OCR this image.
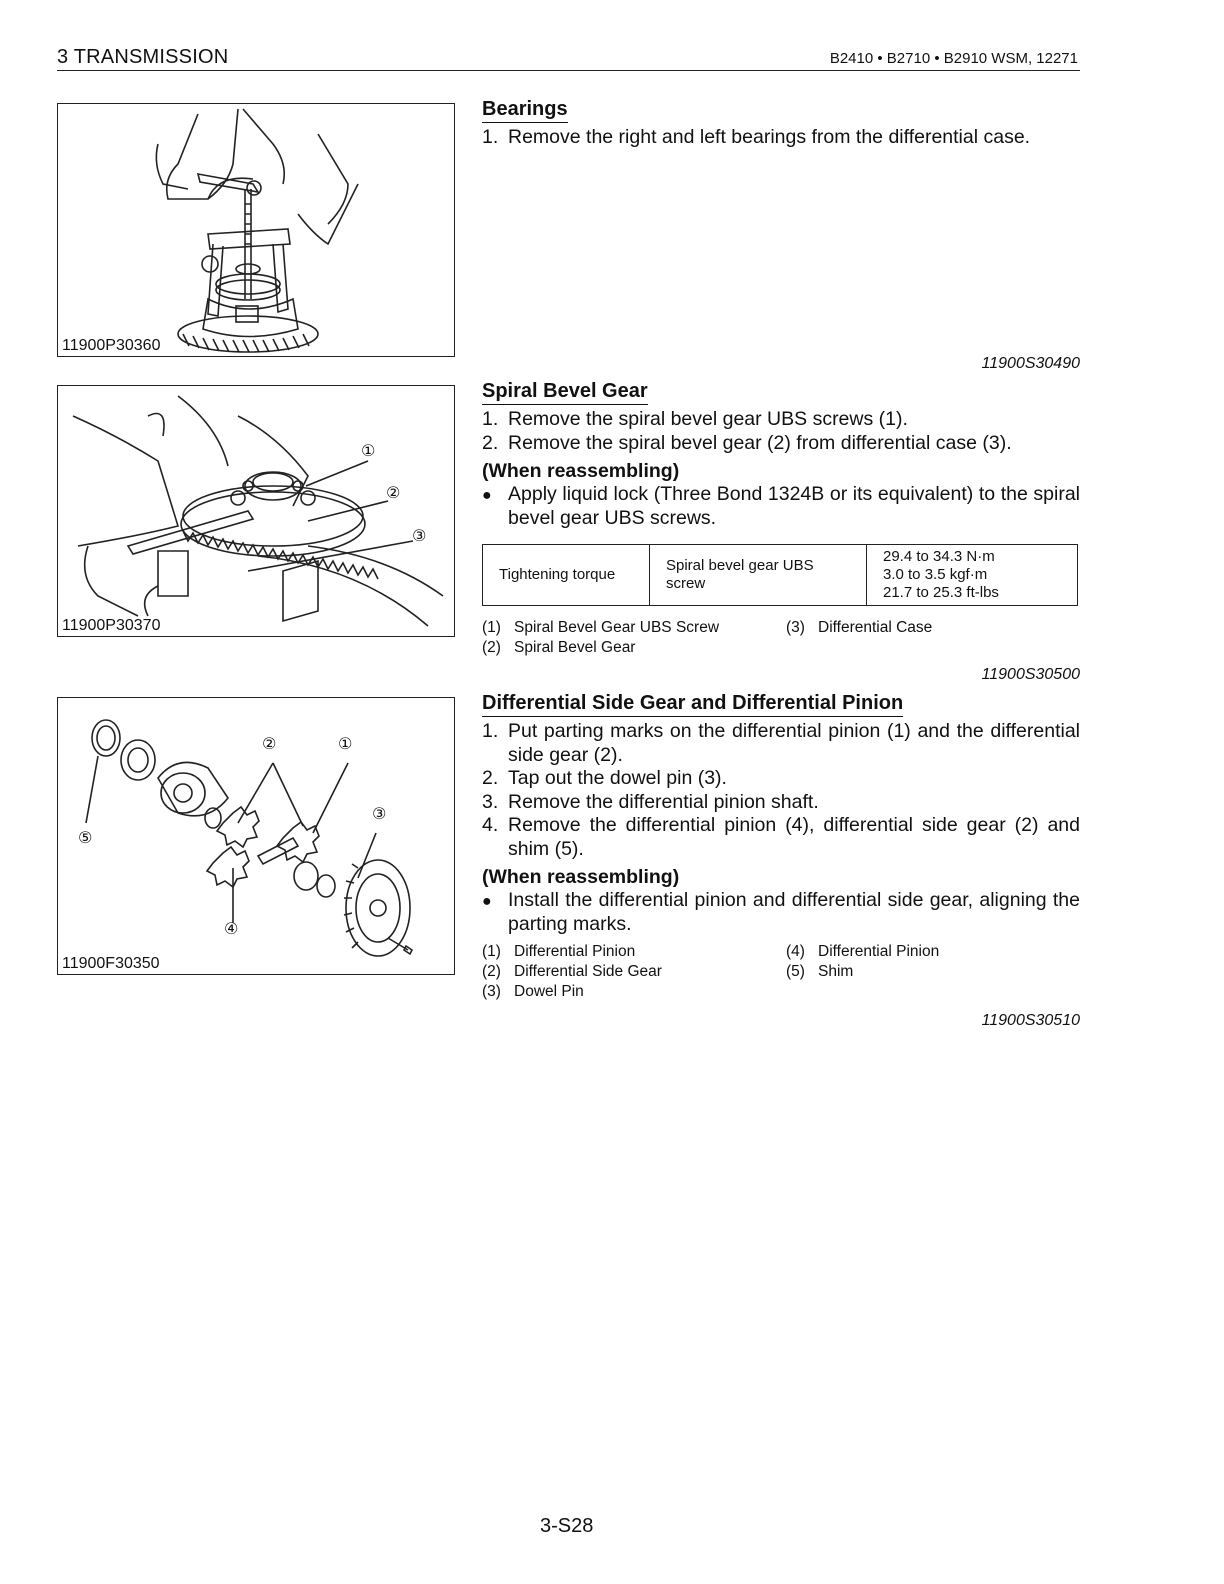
3 TRANSMISSION	B2410 • B2710 • B2910 WSM, 12271
11900P30360
①
②
③
11900P30370
②	①
③
④
⑤
11900F30350
Bearings
1. Remove the right and left bearings from the differential case.
11900S30490
Spiral Bevel Gear
1. Remove the spiral bevel gear UBS screws (1).
2. Remove the spiral bevel gear (2) from differential case (3).
(When reassembling)
● Apply liquid lock (Three Bond 1324B or its equivalent) to the spiral bevel gear UBS screws.
Tightening torque	Spiral bevel gear UBS screw	
29.4 to 34.3 N·m
3.0 to 3.5 kgf·m
21.7 to 25.3 ft-lbs
(1) Spiral Bevel Gear UBS Screw	(3) Differential Case
(2) Spiral Bevel Gear
11900S30500
Differential Side Gear and Differential Pinion
1. Put parting marks on the differential pinion (1) and the differential side gear (2).
2. Tap out the dowel pin (3).
3. Remove the differential pinion shaft.
4. Remove the differential pinion (4), differential side gear (2) and shim (5).
(When reassembling)
● Install the differential pinion and differential side gear, aligning the parting marks.
(1) Differential Pinion	(4) Differential Pinion
(2) Differential Side Gear	(5) Shim
(3) Dowel Pin
11900S30510
3-S28
